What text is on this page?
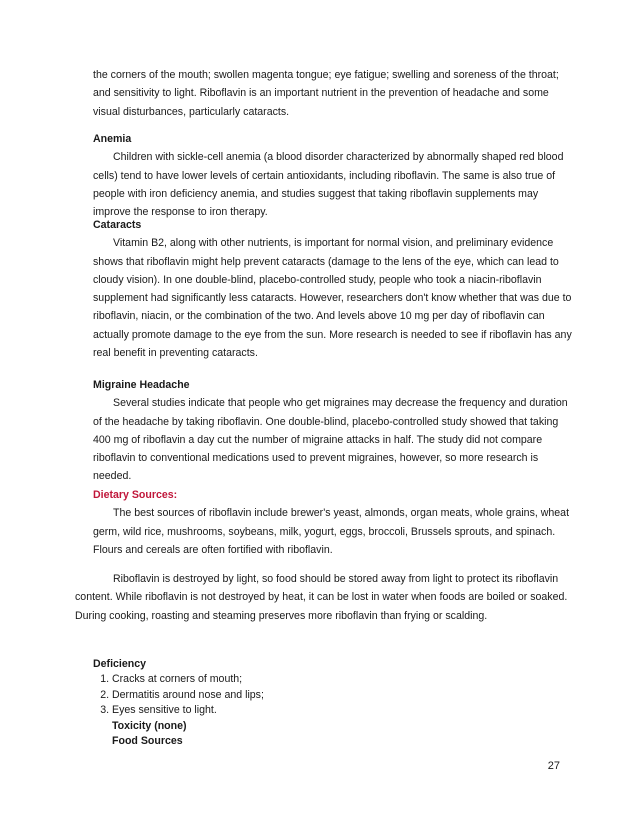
the corners of the mouth; swollen magenta tongue; eye fatigue; swelling and soreness of the throat; and sensitivity to light. Riboflavin is an important nutrient in the prevention of headache and some visual disturbances, particularly cataracts.

Anemia

Children with sickle-cell anemia (a blood disorder characterized by abnormally shaped red blood cells) tend to have lower levels of certain antioxidants, including riboflavin. The same is also true of people with iron deficiency anemia, and studies suggest that taking riboflavin supplements may improve the response to iron therapy.

Cataracts

Vitamin B2, along with other nutrients, is important for normal vision, and preliminary evidence shows that riboflavin might help prevent cataracts (damage to the lens of the eye, which can lead to cloudy vision). In one double-blind, placebo-controlled study, people who took a niacin-riboflavin supplement had significantly less cataracts. However, researchers don't know whether that was due to riboflavin, niacin, or the combination of the two. And levels above 10 mg per day of riboflavin can actually promote damage to the eye from the sun. More research is needed to see if riboflavin has any real benefit in preventing cataracts.

Migraine Headache

Several studies indicate that people who get migraines may decrease the frequency and duration of the headache by taking riboflavin. One double-blind, placebo-controlled study showed that taking 400 mg of riboflavin a day cut the number of migraine attacks in half. The study did not compare riboflavin to conventional medications used to prevent migraines, however, so more research is needed.

Dietary Sources:

The best sources of riboflavin include brewer's yeast, almonds, organ meats, whole grains, wheat germ, wild rice, mushrooms, soybeans, milk, yogurt, eggs, broccoli, Brussels sprouts, and spinach. Flours and cereals are often fortified with riboflavin.

Riboflavin is destroyed by light, so food should be stored away from light to protect its riboflavin content. While riboflavin is not destroyed by heat, it can be lost in water when foods are boiled or soaked. During cooking, roasting and steaming preserves more riboflavin than frying or scalding.

Deficiency
1. Cracks at corners of mouth;
2. Dermatitis around nose and lips;
3. Eyes sensitive to light.
Toxicity (none)
Food Sources
27
